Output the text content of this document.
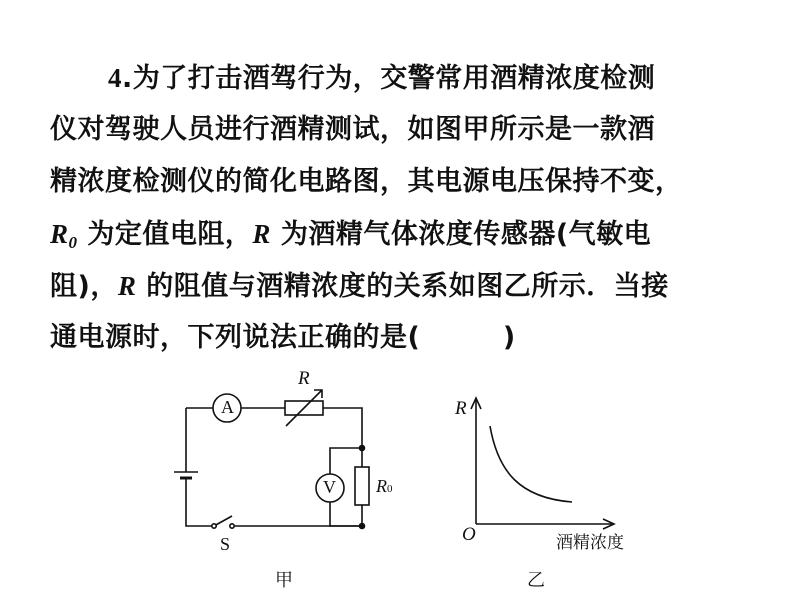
4.为了打击酒驾行为，交警常用酒精浓度检测
仪对驾驶人员进行酒精测试，如图甲所示是一款酒
精浓度检测仪的简化电路图，其电源电压保持不变，
$R_0$ 为定值电阻，R 为酒精气体浓度传感器(气敏电
阻)，R 的阻值与酒精浓度的关系如图乙所示．当接
通电源时，下列说法正确的是(　　　)
A
V
R
R0
S
甲
R
O	酒精浓度
乙
